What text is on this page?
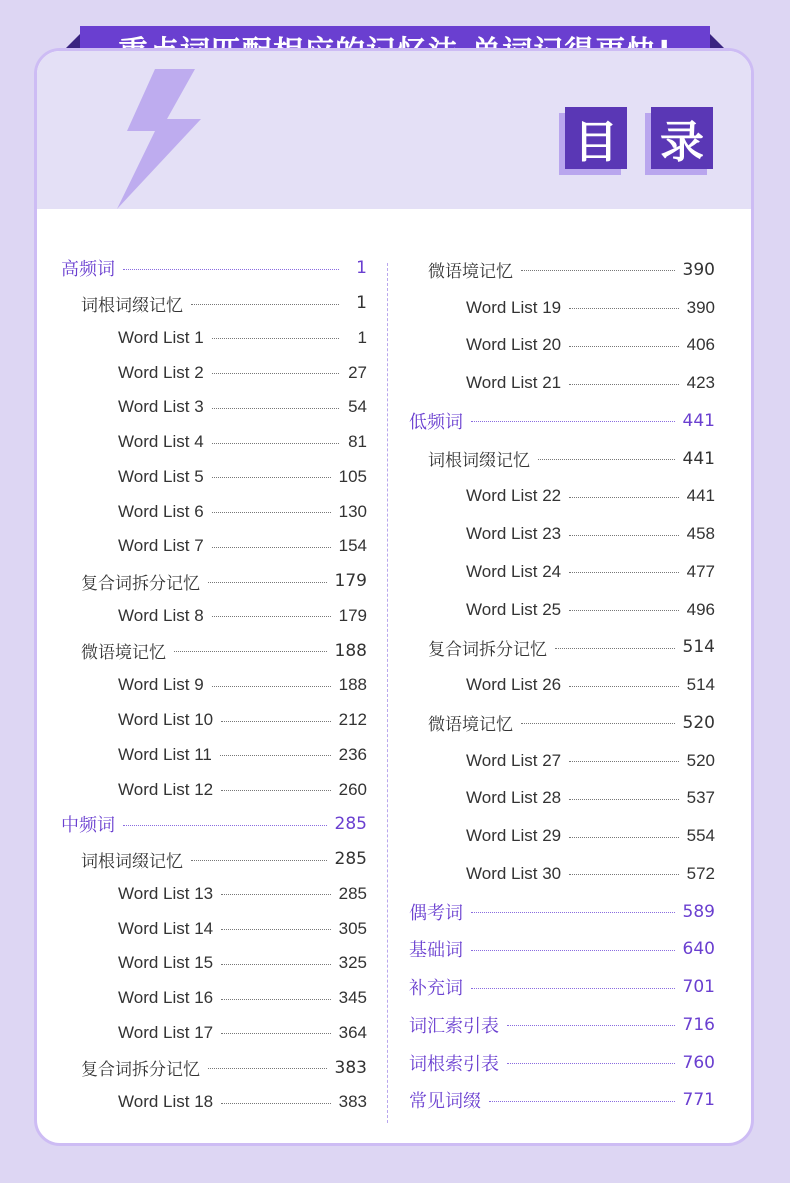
目 录
高频词	1
词根词缀记忆	1
Word List 1	1
Word List 2	27
Word List 3	54
Word List 4	81
Word List 5	105
Word List 6	130
Word List 7	154
复合词拆分记忆	179
Word List 8	179
微语境记忆	188
Word List 9	188
Word List 10	212
Word List 11	236
Word List 12	260
中频词	285
词根词缀记忆	285
Word List 13	285
Word List 14	305
Word List 15	325
Word List 16	345
Word List 17	364
复合词拆分记忆	383
Word List 18	383
微语境记忆	390
Word List 19	390
Word List 20	406
Word List 21	423
低频词	441
词根词缀记忆	441
Word List 22	441
Word List 23	458
Word List 24	477
Word List 25	496
复合词拆分记忆	514
Word List 26	514
微语境记忆	520
Word List 27	520
Word List 28	537
Word List 29	554
Word List 30	572
偶考词	589
基础词	640
补充词	701
词汇索引表	716
词根索引表	760
常见词缀	771
